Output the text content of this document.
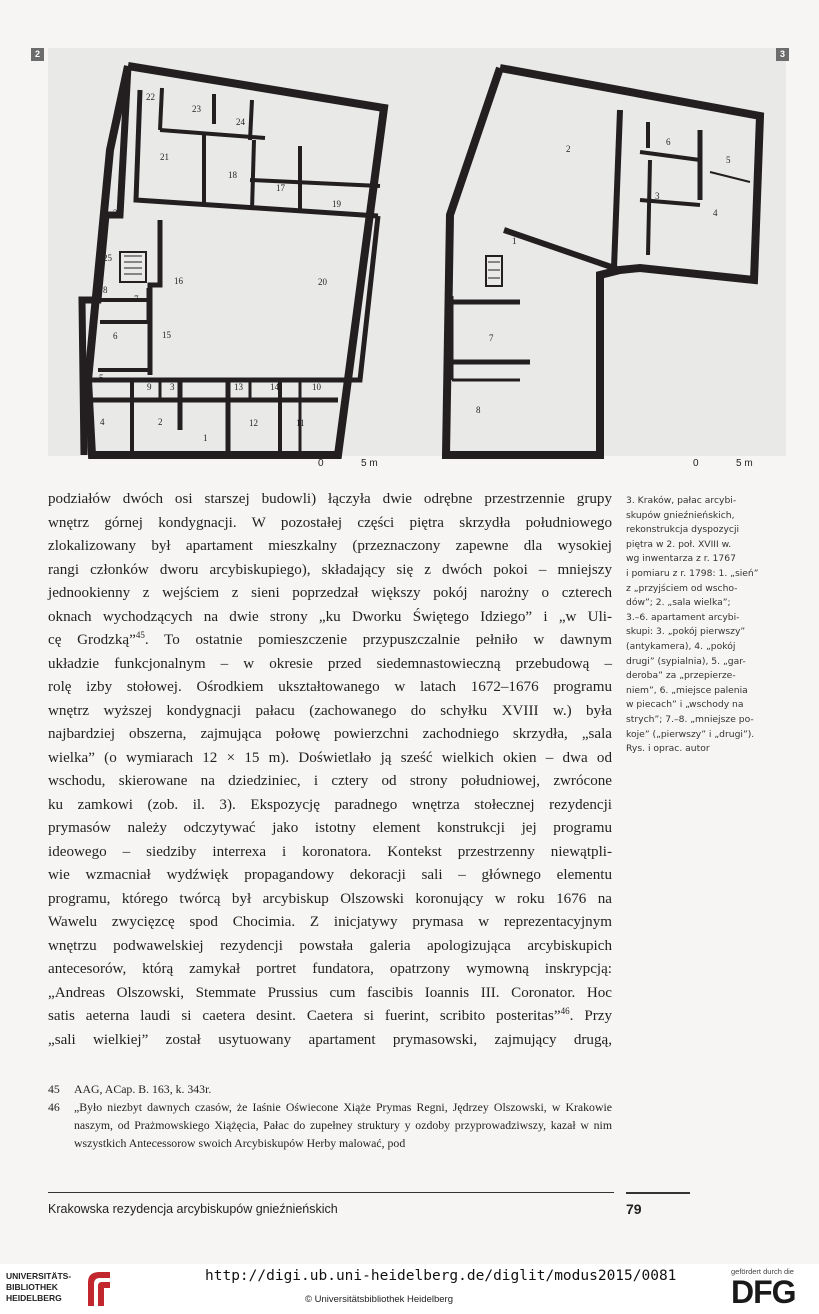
2	3
22
23
24
21
18
17
19
26
25
16	20
8
7
6	15
5
9 3	13	14	10
4	2	12	11
1
2
6
5
3
4
1
7
8
0	5 m	0	5 m

podziałów dwóch osi starszej budowli) łączyła dwie odrębne przestrzennie grupy

wnętrz górnej kondygnacji. W pozostałej części piętra skrzydła południowego

zlokalizowany był apartament mieszkalny (przeznaczony zapewne dla wysokiej

rangi członków dworu arcybiskupiego), składający się z dwóch pokoi – mniejszy

jednookienny z wejściem z sieni poprzedzał większy pokój narożny o czterech

oknach wychodzących na dwie strony „ku Dworku Świętego Idziego” i „w Uli-

cę Grodzką”$^{45}$. To ostatnie pomieszczenie przypuszczalnie pełniło w dawnym

układzie funkcjonalnym – w okresie przed siedemnastowieczną przebudową –

rolę izby stołowej. Ośrodkiem ukształtowanego w latach 1672–1676 programu

wnętrz wyższej kondygnacji pałacu (zachowanego do schyłku XVIII w.) była

najbardziej obszerna, zajmująca połowę powierzchni zachodniego skrzydła, „sala

wielka” (o wymiarach 12 × 15 m). Doświetlało ją sześć wielkich okien – dwa od

wschodu, skierowane na dziedziniec, i cztery od strony południowej, zwrócone

ku zamkowi (zob. il. 3). Ekspozycję paradnego wnętrza stołecznej rezydencji

prymasów należy odczytywać jako istotny element konstrukcji jej programu

ideowego – siedziby interrexa i koronatora. Kontekst przestrzenny niewątpli-

wie wzmacniał wydźwięk propagandowy dekoracji sali – głównego elementu

programu, którego twórcą był arcybiskup Olszowski koronujący w roku 1676 na

Wawelu zwycięzcę spod Chocimia. Z inicjatywy prymasa w reprezentacyjnym

wnętrzu podwawelskiej rezydencji powstała galeria apologizująca arcybiskupich

antecesorów, którą zamykał portret fundatora, opatrzony wymowną inskrypcją:

„Andreas Olszowski, Stemmate Prussius cum fascibis Ioannis III. Coronator. Hoc

satis aeterna laudi si caetera desint. Caetera si fuerint, scribito posteritas”$^{46}$. Przy

„sali wielkiej” został usytuowany apartament prymasowski, zajmujący drugą,

3. Kraków, pałac arcybi-
skupów gnieźnieńskich,
rekonstrukcja dyspozycji
piętra w 2. poł. XVIII w.
wg inwentarza z r. 1767
i pomiaru z r. 1798: 1. „sień”
z „przyjściem od wscho-
dów”; 2. „sala wielka”;
3.–6. apartament arcybi-
skupi: 3. „pokój pierwszy”
(antykamera), 4. „pokój
drugi” (sypialnia), 5. „gar-
deroba” za „przepierze-
niem”, 6. „miejsce palenia
w piecach” i „wschody na
strych”; 7.–8. „mniejsze po-
koje” („pierwszy” i „drugi”).
Rys. i oprac. autor
45 AAG, ACap. B. 163, k. 343r.
46 „Było niezbyt dawnych czasów, że Iaśnie Oświecone Xiąże Prymas Regni, Jędrzey Olszowski, w Krakowie naszym, od Prażmowskiego Xiążęcia, Pałac do zupełney struktury y ozdoby przyprowadziwszy, kazał w nim wszystkich Antecessorow swoich Arcybiskupów Herby malować, pod
Krakowska rezydencja arcybiskupów gnieźnieńskich	79
UNIVERSITÄTS-
BIBLIOTHEK
HEIDELBERG
http://digi.ub.uni-heidelberg.de/diglit/modus2015/0081
© Universitätsbibliothek Heidelberg
gefördert durch die
DFG
